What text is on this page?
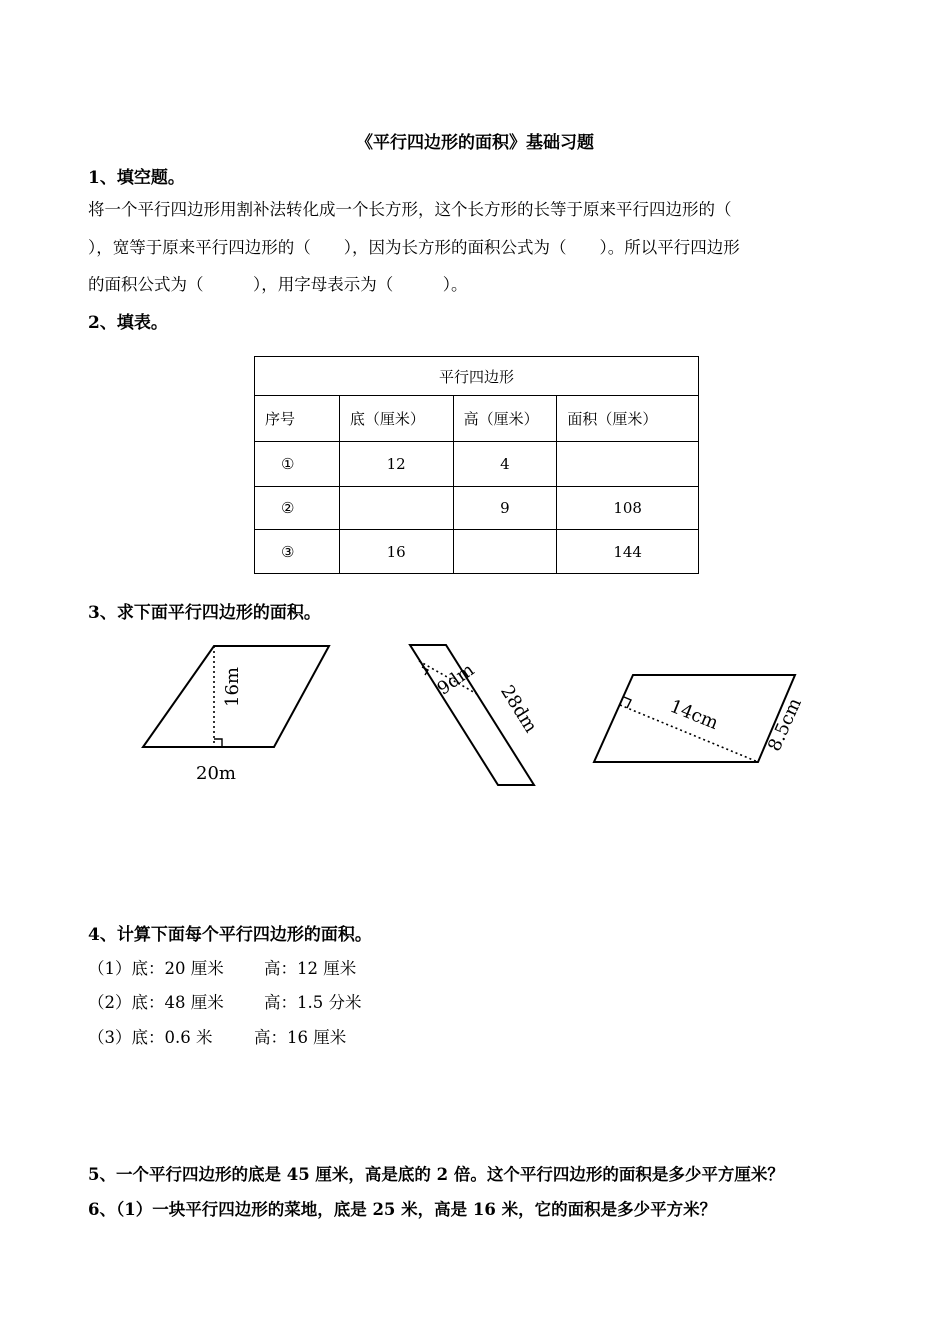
《平行四边形的面积》基础习题
1、填空题。
将一个平行四边形用割补法转化成一个长方形，这个长方形的长等于原来平行四边形的（
），宽等于原来平行四边形的（　　），因为长方形的面积公式为（　　）。所以平行四边形
的面积公式为（　　　），用字母表示为（　　　）。
2、填表。
平行四边形			
序号	底（厘米）	高（厘米）	面积（厘米）
①	12	4	
②		9	108
③	16		144
3、求下面平行四边形的面积。
16m
20m
9dm
28dm	14cm 8.5cm
4、计算下面每个平行四边形的面积。
（1）底：20 厘米 高：12 厘米
（2）底：48 厘米 高：1.5 分米
（3）底：0.6 米	高：16 厘米
5、一个平行四边形的底是 45 厘米，高是底的 2 倍。这个平行四边形的面积是多少平方厘米？
6、（1）一块平行四边形的菜地，底是 25 米，高是 16 米，它的面积是多少平方米？
